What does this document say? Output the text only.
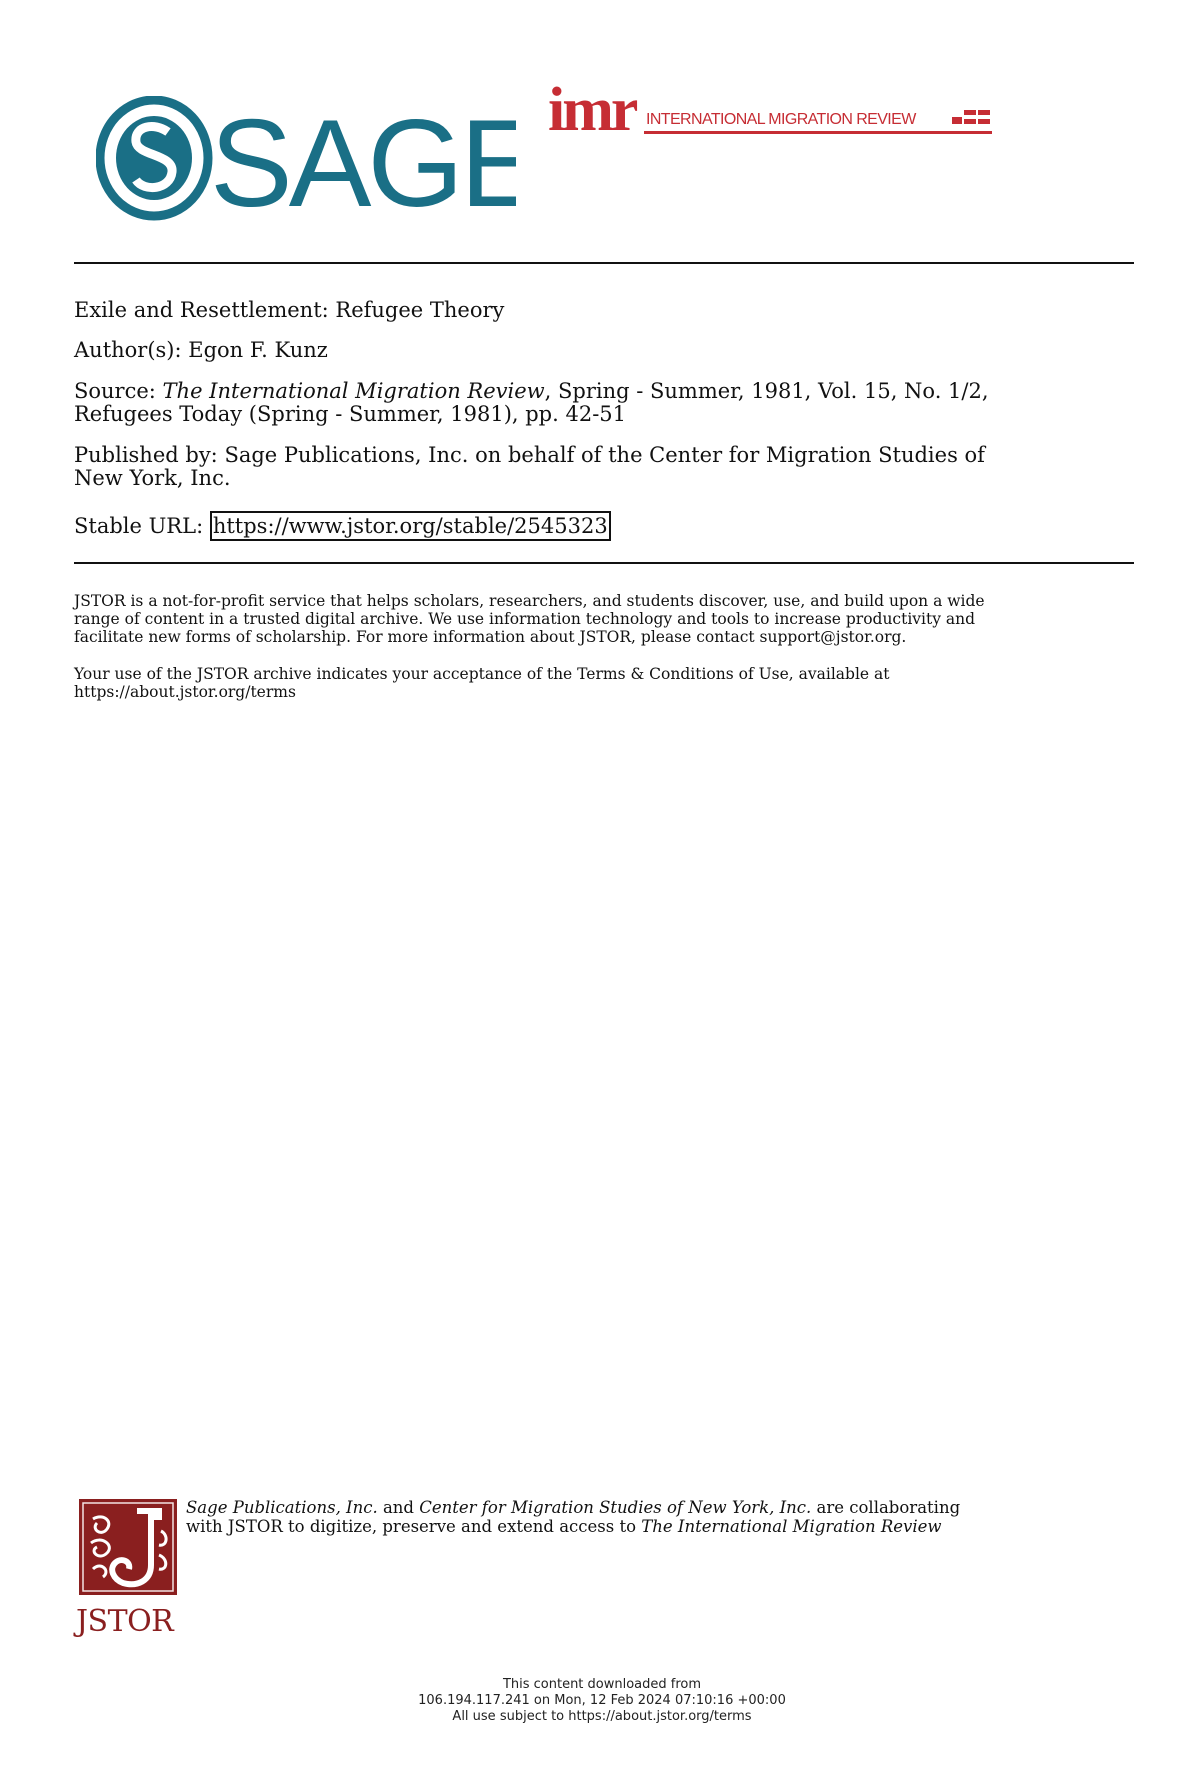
SAGE imr INTERNATIONAL MIGRATION REVIEW
Exile and Resettlement: Refugee Theory
Author(s): Egon F. Kunz
Source: The International Migration Review, Spring - Summer, 1981, Vol. 15, No. 1/2,
Refugees Today (Spring - Summer, 1981), pp. 42-51
Published by: Sage Publications, Inc. on behalf of the Center for Migration Studies of
New York, Inc.
Stable URL: https://www.jstor.org/stable/2545323
JSTOR is a not-for-profit service that helps scholars, researchers, and students discover, use, and build upon a wide
range of content in a trusted digital archive. We use information technology and tools to increase productivity and
facilitate new forms of scholarship. For more information about JSTOR, please contact support@jstor.org.
Your use of the JSTOR archive indicates your acceptance of the Terms & Conditions of Use, available at
https://about.jstor.org/terms
JSTOR
Sage Publications, Inc. and Center for Migration Studies of New York, Inc. are collaborating
with JSTOR to digitize, preserve and extend access to The International Migration Review
This content downloaded from
106.194.117.241 on Mon, 12 Feb 2024 07:10:16 +00:00
All use subject to https://about.jstor.org/terms
